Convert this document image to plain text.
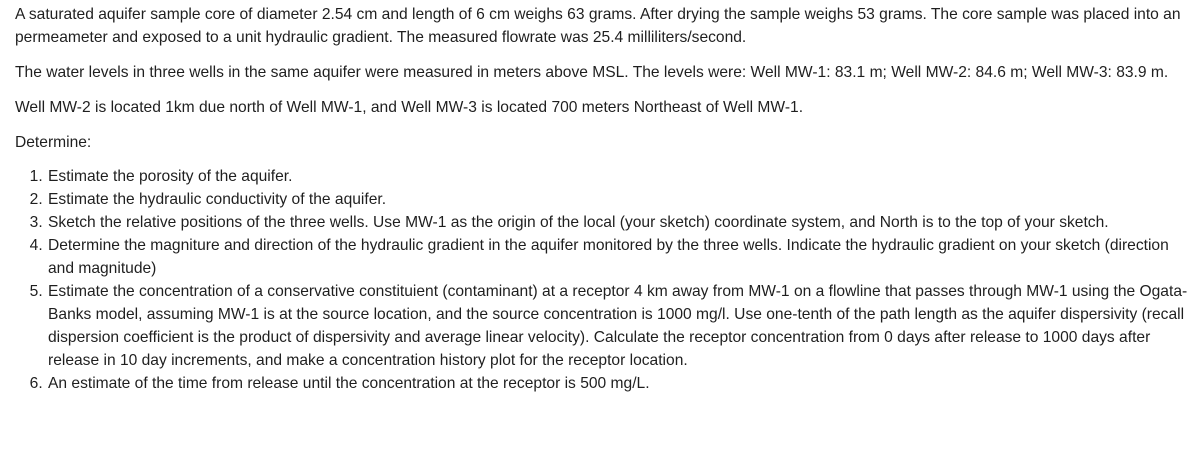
A saturated aquifer sample core of diameter 2.54 cm and length of 6 cm weighs 63 grams. After drying the sample weighs 53 grams. The core sample was placed into an permeameter and exposed to a unit hydraulic gradient. The measured flowrate was 25.4 milliliters/second.

The water levels in three wells in the same aquifer were measured in meters above MSL. The levels were: Well MW-1: 83.1 m; Well MW-2: 84.6 m; Well MW-3: 83.9 m.

Well MW-2 is located 1km due north of Well MW-1, and Well MW-3 is located 700 meters Northeast of Well MW-1.

Determine:

1. Estimate the porosity of the aquifer.
2. Estimate the hydraulic conductivity of the aquifer.
3. Sketch the relative positions of the three wells. Use MW-1 as the origin of the local (your sketch) coordinate system, and North is to the top of your sketch.
4. Determine the magniture and direction of the hydraulic gradient in the aquifer monitored by the three wells. Indicate the hydraulic gradient on your sketch (direction and magnitude)
5. Estimate the concentration of a conservative constituient (contaminant) at a receptor 4 km away from MW-1 on a flowline that passes through MW-1 using the Ogata-Banks model, assuming MW-1 is at the source location, and the source concentration is 1000 mg/l. Use one-tenth of the path length as the aquifer dispersivity (recall dispersion coefficient is the product of dispersivity and average linear velocity). Calculate the receptor concentration from 0 days after release to 1000 days after release in 10 day increments, and make a concentration history plot for the receptor location.
6. An estimate of the time from release until the concentration at the receptor is 500 mg/L.
